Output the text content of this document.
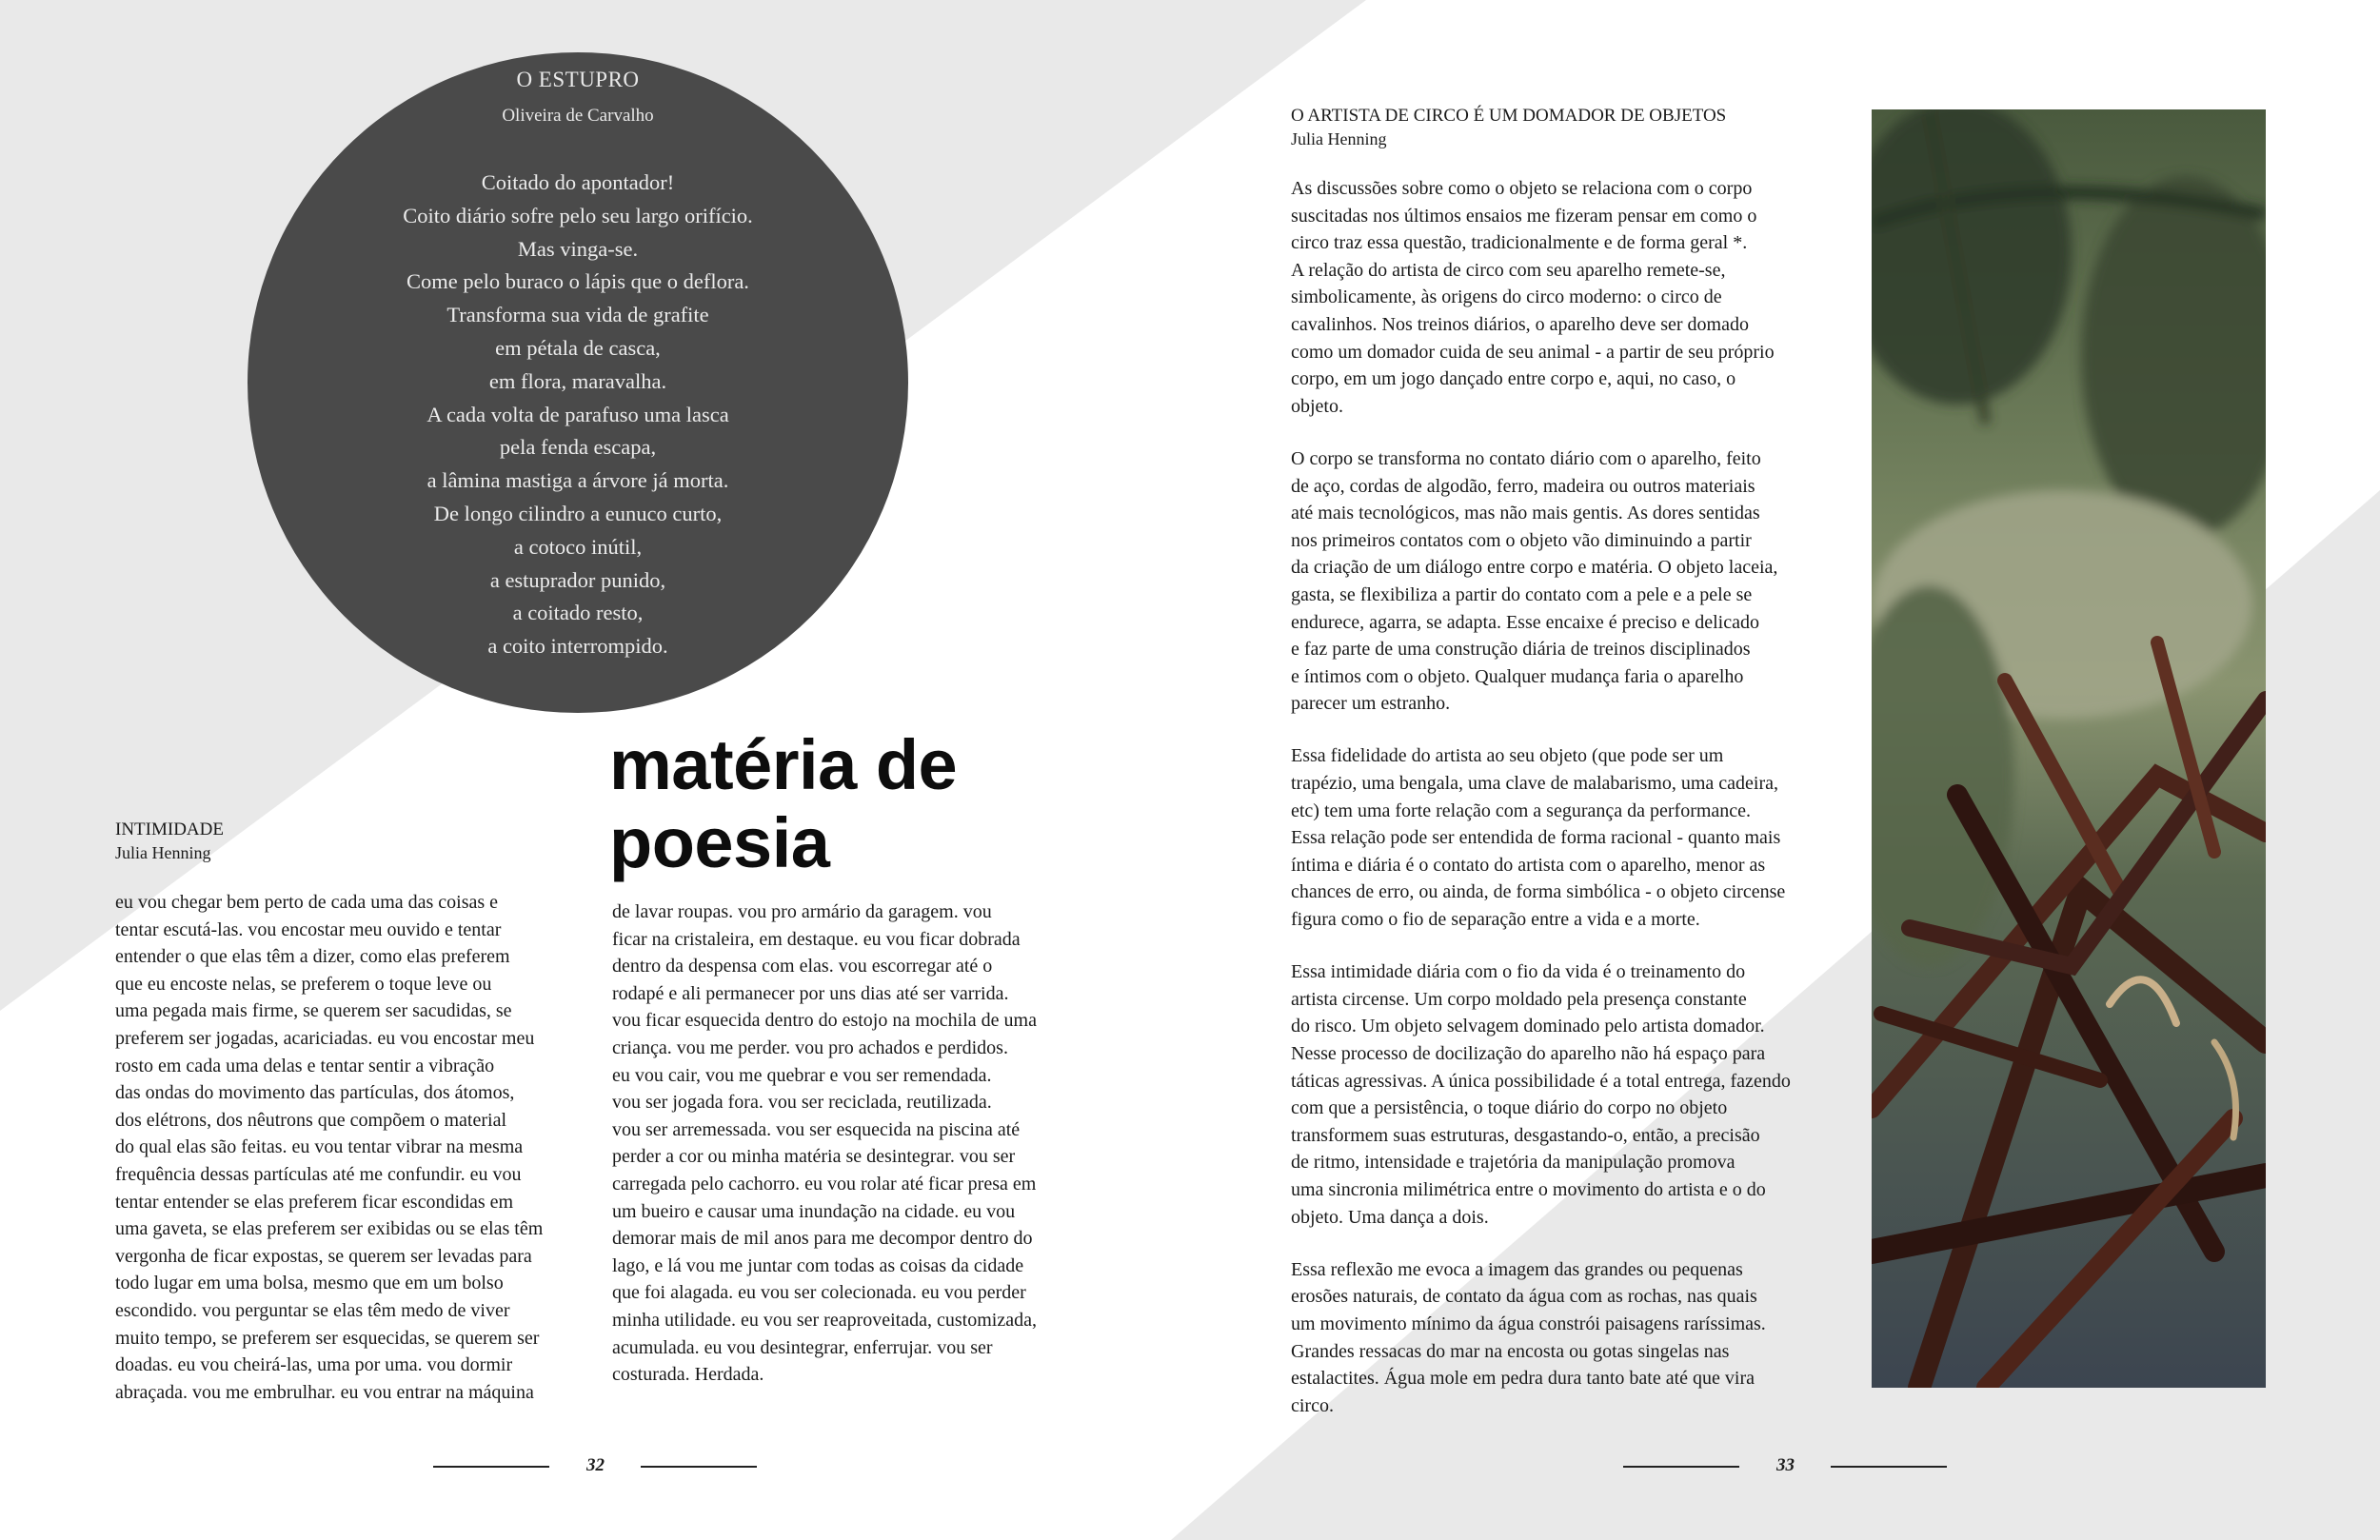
O ESTUPRO
Oliveira de Carvalho
Coitado do apontador!
Coito diário sofre pelo seu largo orifício.
Mas vinga-se.
Come pelo buraco o lápis que o deflora.
Transforma sua vida de grafite
em pétala de casca,
em flora, maravalha.
A cada volta de parafuso uma lasca
pela fenda escapa,
a lâmina mastiga a árvore já morta.
De longo cilindro a eunuco curto,
a cotoco inútil,
a estuprador punido,
a coitado resto,
a coito interrompido.
matéria de
poesia
INTIMIDADE
Julia Henning
eu vou chegar bem perto de cada uma das coisas e
tentar escutá-las. vou encostar meu ouvido e tentar
entender o que elas têm a dizer, como elas preferem
que eu encoste nelas, se preferem o toque leve ou
uma pegada mais firme, se querem ser sacudidas, se
preferem ser jogadas, acariciadas. eu vou encostar meu
rosto em cada uma delas e tentar sentir a vibração
das ondas do movimento das partículas, dos átomos,
dos elétrons, dos nêutrons que compõem o material
do qual elas são feitas. eu vou tentar vibrar na mesma
frequência dessas partículas até me confundir. eu vou
tentar entender se elas preferem ficar escondidas em
uma gaveta, se elas preferem ser exibidas ou se elas têm
vergonha de ficar expostas, se querem ser levadas para
todo lugar em uma bolsa, mesmo que em um bolso
escondido. vou perguntar se elas têm medo de viver
muito tempo, se preferem ser esquecidas, se querem ser
doadas. eu vou cheirá-las, uma por uma. vou dormir
abraçada. vou me embrulhar. eu vou entrar na máquina
de lavar roupas. vou pro armário da garagem. vou
ficar na cristaleira, em destaque. eu vou ficar dobrada
dentro da despensa com elas. vou escorregar até o
rodapé e ali permanecer por uns dias até ser varrida.
vou ficar esquecida dentro do estojo na mochila de uma
criança. vou me perder. vou pro achados e perdidos.
eu vou cair, vou me quebrar e vou ser remendada.
vou ser jogada fora. vou ser reciclada, reutilizada.
vou ser arremessada. vou ser esquecida na piscina até
perder a cor ou minha matéria se desintegrar. vou ser
carregada pelo cachorro. eu vou rolar até ficar presa em
um bueiro e causar uma inundação na cidade. eu vou
demorar mais de mil anos para me decompor dentro do
lago, e lá vou me juntar com todas as coisas da cidade
que foi alagada. eu vou ser colecionada. eu vou perder
minha utilidade. eu vou ser reaproveitada, customizada,
acumulada. eu vou desintegrar, enferrujar. vou ser
costurada. Herdada.
O ARTISTA DE CIRCO É UM DOMADOR DE OBJETOS
Julia Henning
As discussões sobre como o objeto se relaciona com o corpo
suscitadas nos últimos ensaios me fizeram pensar em como o
circo traz essa questão, tradicionalmente e de forma geral *.
A relação do artista de circo com seu aparelho remete-se,
simbolicamente, às origens do circo moderno: o circo de
cavalinhos. Nos treinos diários, o aparelho deve ser domado
como um domador cuida de seu animal - a partir de seu próprio
corpo, em um jogo dançado entre corpo e, aqui, no caso, o
objeto.
O corpo se transforma no contato diário com o aparelho, feito
de aço, cordas de algodão, ferro, madeira ou outros materiais
até mais tecnológicos, mas não mais gentis. As dores sentidas
nos primeiros contatos com o objeto vão diminuindo a partir
da criação de um diálogo entre corpo e matéria. O objeto laceia,
gasta, se flexibiliza a partir do contato com a pele e a pele se
endurece, agarra, se adapta. Esse encaixe é preciso e delicado
e faz parte de uma construção diária de treinos disciplinados
e íntimos com o objeto. Qualquer mudança faria o aparelho
parecer um estranho.
Essa fidelidade do artista ao seu objeto (que pode ser um
trapézio, uma bengala, uma clave de malabarismo, uma cadeira,
etc) tem uma forte relação com a segurança da performance.
Essa relação pode ser entendida de forma racional - quanto mais
íntima e diária é o contato do artista com o aparelho, menor as
chances de erro, ou ainda, de forma simbólica - o objeto circense
figura como o fio de separação entre a vida e a morte.
Essa intimidade diária com o fio da vida é o treinamento do
artista circense. Um corpo moldado pela presença constante
do risco. Um objeto selvagem dominado pelo artista domador.
Nesse processo de docilização do aparelho não há espaço para
táticas agressivas. A única possibilidade é a total entrega, fazendo
com que a persistência, o toque diário do corpo no objeto
transformem suas estruturas, desgastando-o, então, a precisão
de ritmo, intensidade e trajetória da manipulação promova
uma sincronia milimétrica entre o movimento do artista e o do
objeto. Uma dança a dois.
Essa reflexão me evoca a imagem das grandes ou pequenas
erosões naturais, de contato da água com as rochas, nas quais
um movimento mínimo da água constrói paisagens raríssimas.
Grandes ressacas do mar na encosta ou gotas singelas nas
estalactites. Água mole em pedra dura tanto bate até que vira
circo.
32	33
